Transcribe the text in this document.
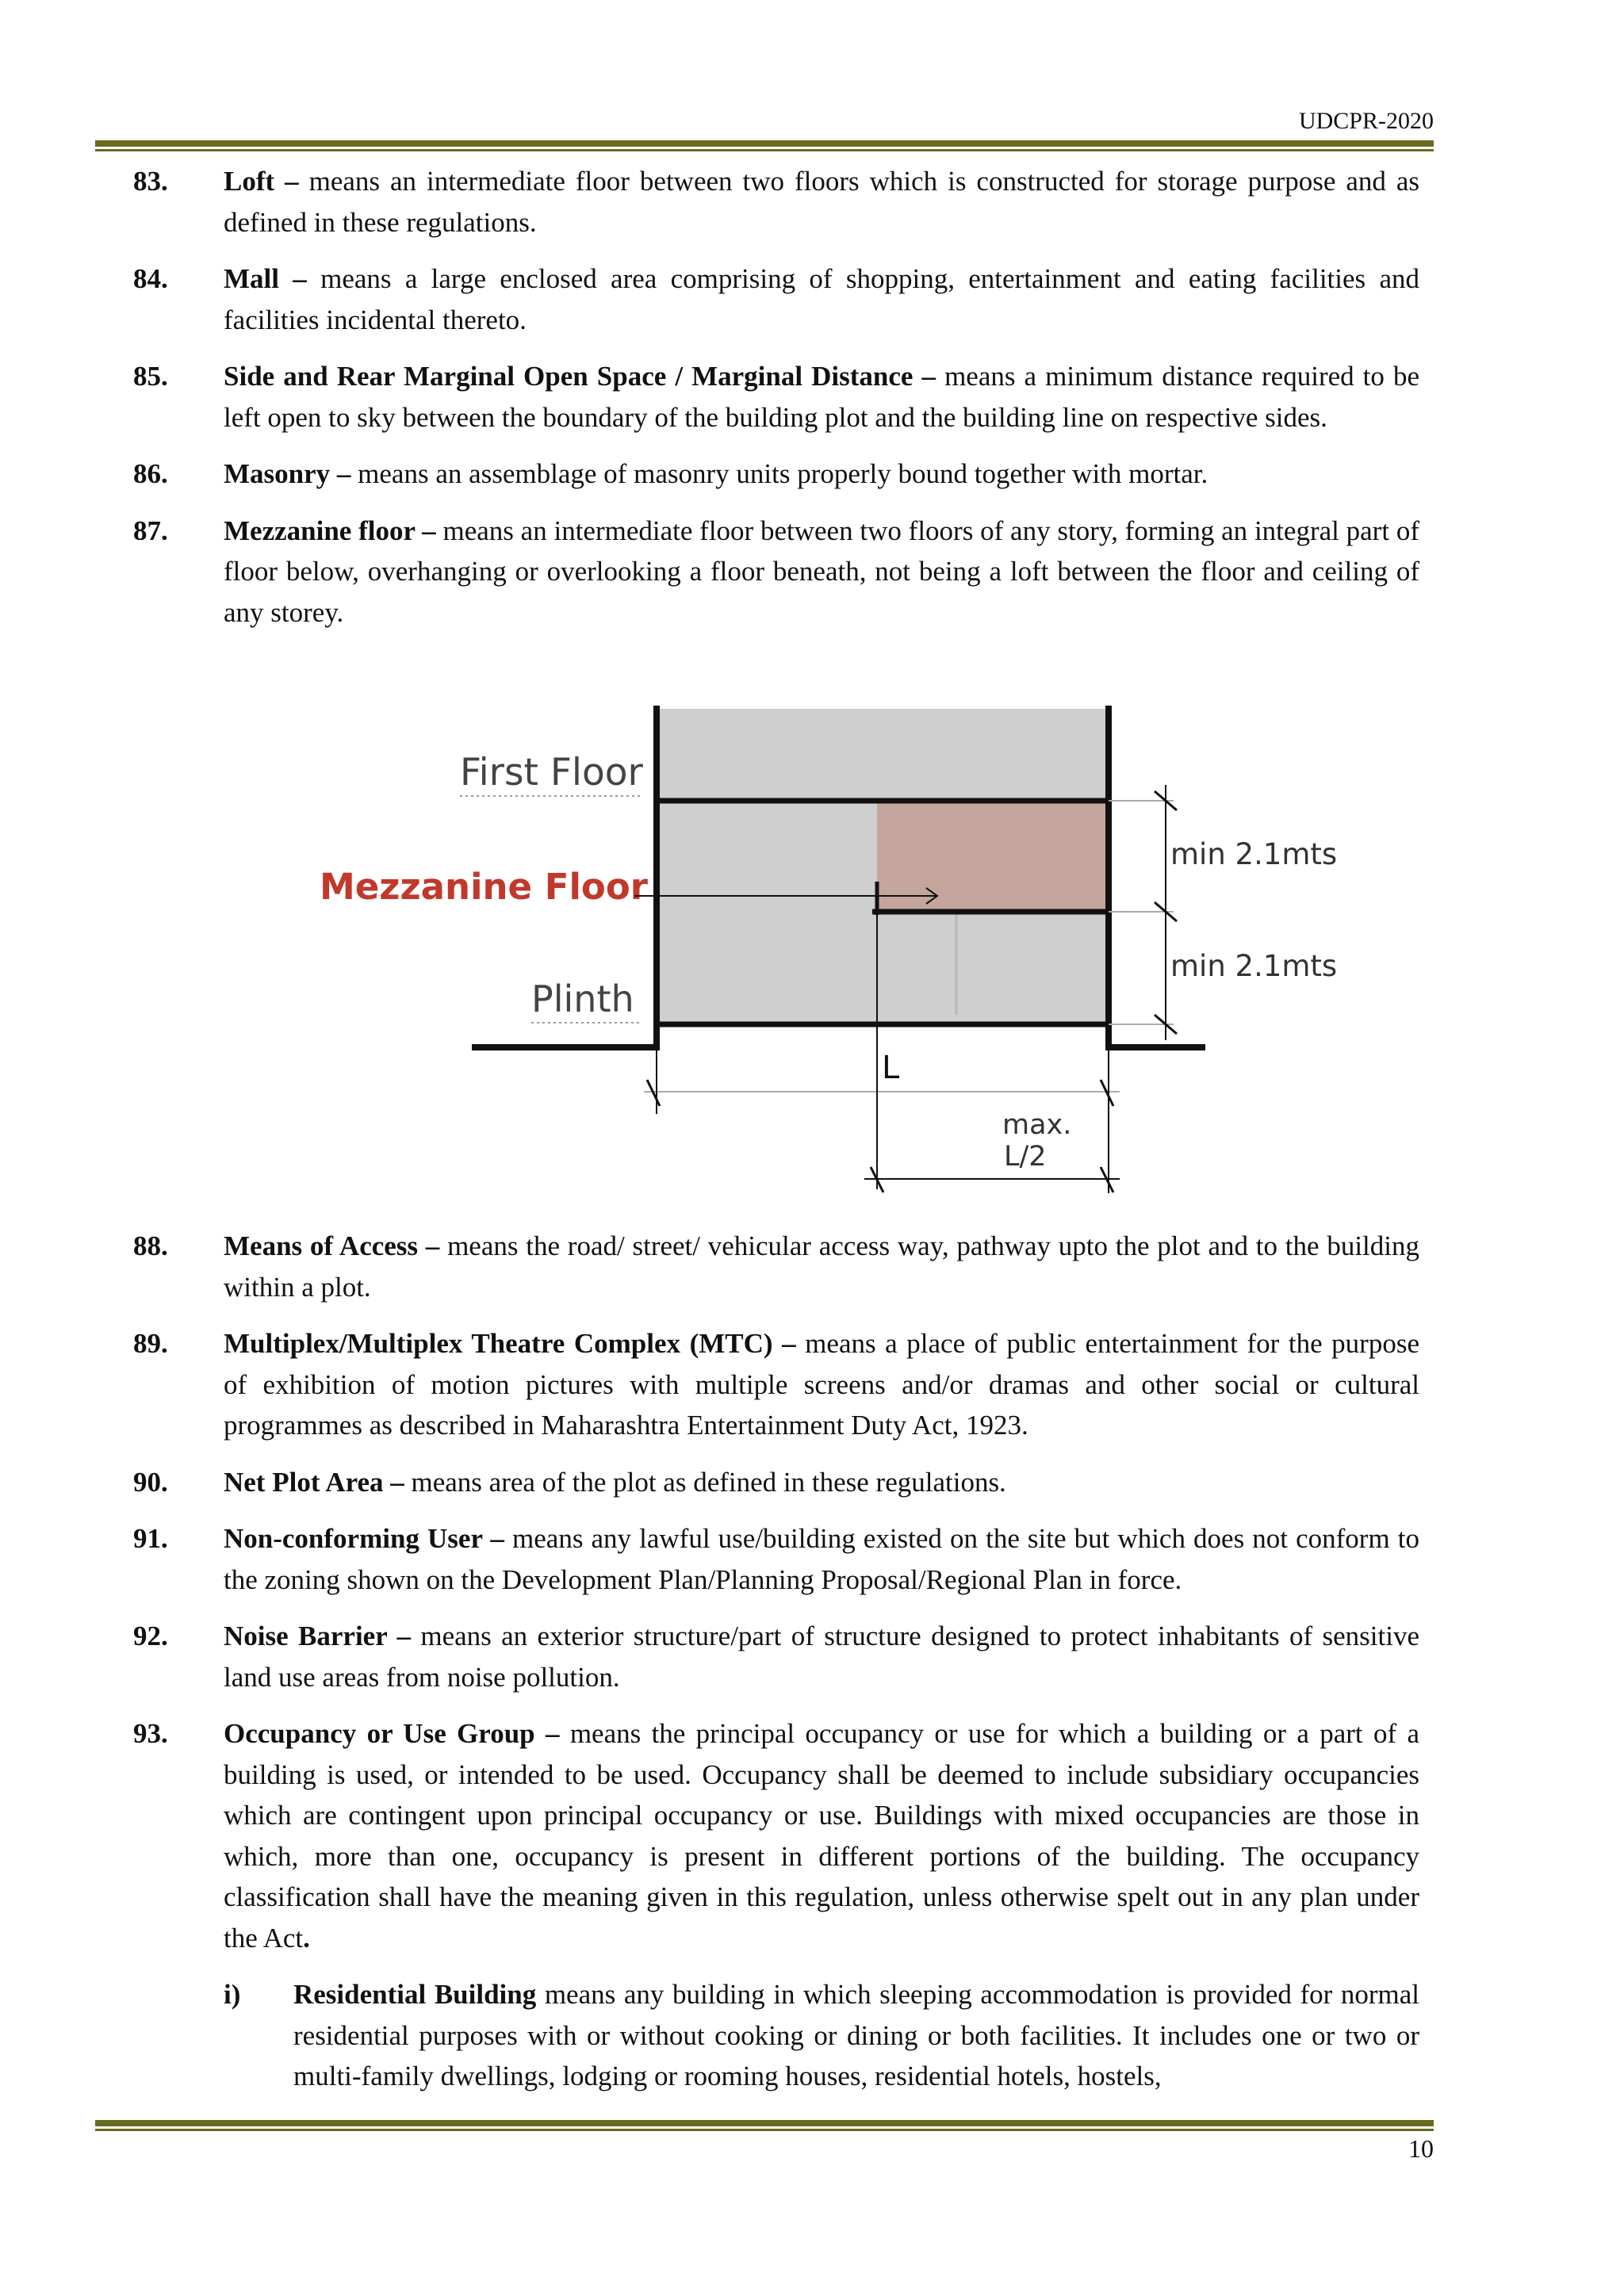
UDCPR-2020
83.	Loft – means an intermediate floor between two floors which is constructed for storage purpose and as defined in these regulations.
84.	Mall – means a large enclosed area comprising of shopping, entertainment and eating facilities and facilities incidental thereto.
85.	Side and Rear Marginal Open Space / Marginal Distance – means a minimum distance required to be left open to sky between the boundary of the building plot and the building line on respective sides.
86.	Masonry – means an assemblage of masonry units properly bound together with mortar.
87.	Mezzanine floor – means an intermediate floor between two floors of any story, forming an integral part of floor below, overhanging or overlooking a floor beneath, not being a loft between the floor and ceiling of any storey.
First Floor
Mezzanine Floor
Plinth
min 2.1mts
min 2.1mts
L
max.
L/2
88.	Means of Access – means the road/ street/ vehicular access way, pathway upto the plot and to the building within a plot.
89.	Multiplex/Multiplex Theatre Complex (MTC) – means a place of public entertainment for the purpose of exhibition of motion pictures with multiple screens and/or dramas and other social or cultural programmes as described in Maharashtra Entertainment Duty Act, 1923.
90.	Net Plot Area – means area of the plot as defined in these regulations.
91.	Non-conforming User – means any lawful use/building existed on the site but which does not conform to the zoning shown on the Development Plan/Planning Proposal/Regional Plan in force.
92.	Noise Barrier – means an exterior structure/part of structure designed to protect inhabitants of sensitive land use areas from noise pollution.
93.	Occupancy or Use Group – means the principal occupancy or use for which a building or a part of a building is used, or intended to be used. Occupancy shall be deemed to include subsidiary occupancies which are contingent upon principal occupancy or use. Buildings with mixed occupancies are those in which, more than one, occupancy is present in different portions of the building. The occupancy classification shall have the meaning given in this regulation, unless otherwise spelt out in any plan under the Act.
i)	Residential Building means any building in which sleeping accommodation is provided for normal residential purposes with or without cooking or dining or both facilities. It includes one or two or multi-family dwellings, lodging or rooming houses, residential hotels, hostels,
10
